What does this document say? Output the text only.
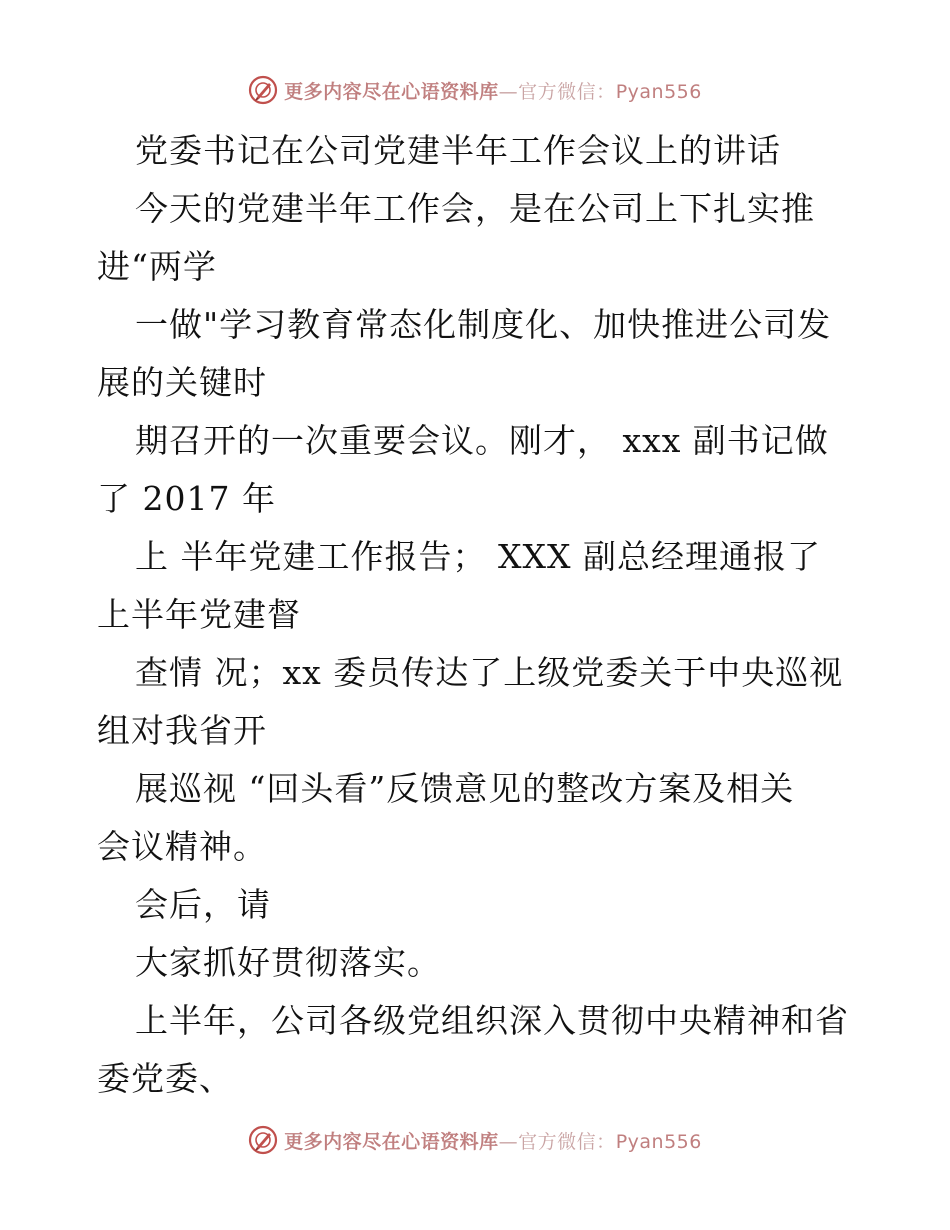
更多内容尽在心语资料库—官方微信：Pyan556
党委书记在公司党建半年工作会议上的讲话
今天的党建半年工作会，是在公司上下扎实推
进“两学
一做"学习教育常态化制度化、加快推进公司发
展的关键时
期召开的一次重要会议。刚才， xxx 副书记做
了 2017 年
上 半年党建工作报告； XXX 副总经理通报了
上半年党建督
查情 况；xx 委员传达了上级党委关于中央巡视
组对我省开
展巡视 “回头看”反馈意见的整改方案及相关
会议精神。
会后，请
大家抓好贯彻落实。
上半年，公司各级党组织深入贯彻中央精神和省
委党委、
更多内容尽在心语资料库—官方微信：Pyan556
